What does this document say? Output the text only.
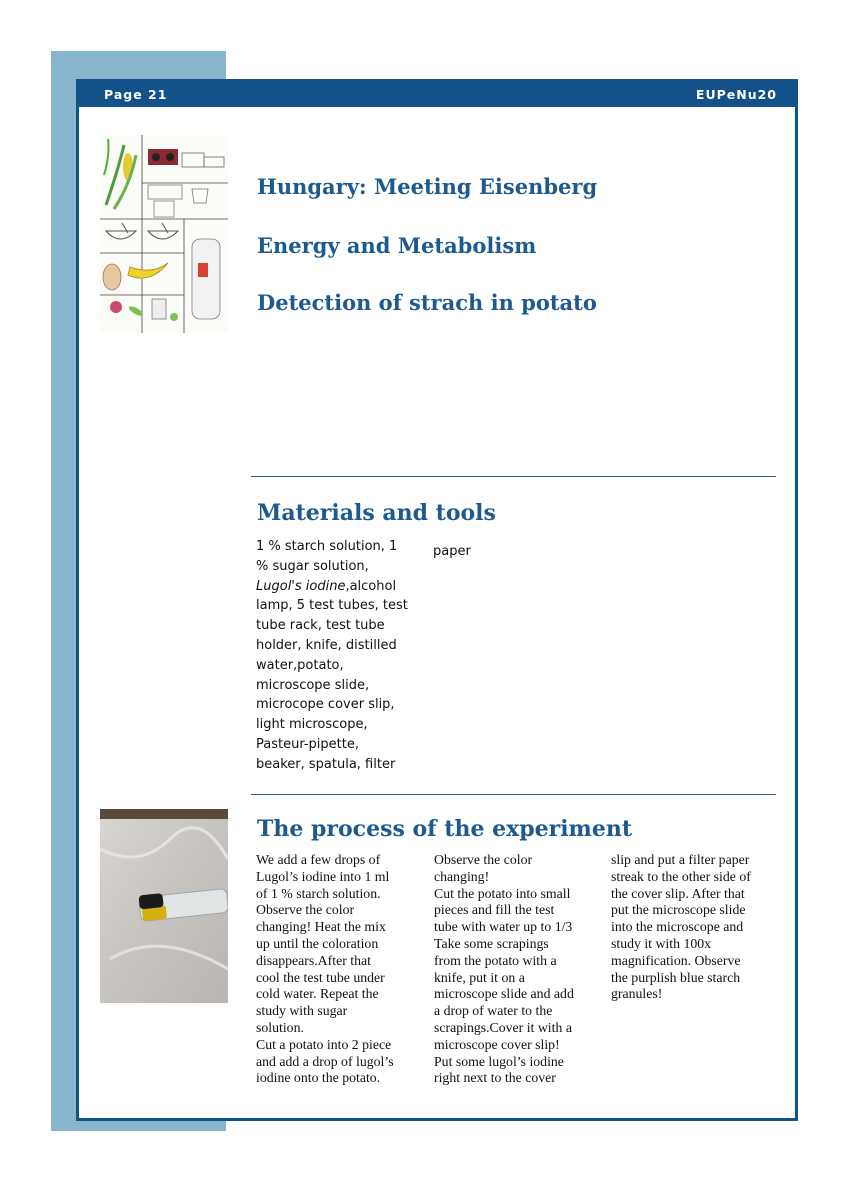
Page 21	EUPeNu20
Hungary: Meeting Eisenberg
Energy and Metabolism
Detection of strach in potato
Materials and tools
1 % starch solution, 1
% sugar solution,
Lugol's iodine,alcohol
lamp, 5 test tubes, test
tube rack, test tube
holder, knife, distilled
water,potato,
microscope slide,
microcope cover slip,
light microscope,
Pasteur-pipette,
beaker, spatula, filter
paper
The process of the experiment
We add a few drops of
Lugol’s iodine into 1 ml
of 1 % starch solution.
Observe the color
changing! Heat the mix
up until the coloration
disappears.After that
cool the test tube under
cold water. Repeat the
study with sugar
solution.
Cut a potato into 2 piece
and add a drop of lugol’s
iodine onto the potato.
Observe the color
changing!
Cut the potato into small
pieces and fill the test
tube with water up to 1/3
Take some scrapings
from the potato with a
knife, put it on a
microscope slide and add
a drop of water to the
scrapings.Cover it with a
microscope cover slip!
Put some lugol’s iodine
right next to the cover
slip and put a filter paper
streak to the other side of
the cover slip. After that
put the microscope slide
into the microscope and
study it with 100x
magnification. Observe
the purplish blue starch
granules!
